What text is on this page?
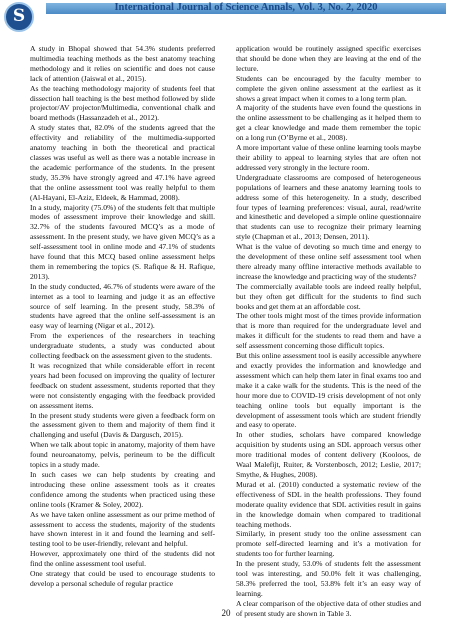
S	International Journal of Science Annals, Vol. 3, No. 2, 2020

A study in Bhopal showed that 54.3% students preferred multimedia teaching methods as the best anatomy teaching methodology and it relies on scientific and does not cause lack of attention (Jaiswal et al., 2015).

As the teaching methodology majority of students feel that dissection hall teaching is the best method followed by slide projector/AV projector/Multimedia, conventional chalk and board methods (Hassanzadeh et al., 2012).

A study states that, 82.0% of the students agreed that the effectivity and reliability of the multimedia-supported anatomy teaching in both the theoretical and practical classes was useful as well as there was a notable increase in the academic performance of the students. In the present study, 35.3% have strongly agreed and 47.1% have agreed that the online assessment tool was really helpful to them (Al-Hayani, El-Aziz, Eldeek, & Hammad, 2008).

In a study, majority (75.0%) of the students felt that multiple modes of assessment improve their knowledge and skill. 32.7% of the students favoured MCQ’s as a mode of assessment. In the present study, we have given MCQ’s as a self-assessment tool in online mode and 47.1% of students have found that this MCQ based online assessment helps them in remembering the topics (S. Rafique & H. Rafique, 2013).

In the study conducted, 46.7% of students were aware of the internet as a tool to learning and judge it as an effective source of self learning. In the present study, 58.3% of students have agreed that the online self-assessment is an easy way of learning (Nigar et al., 2012).

From the experiences of the researchers in teaching undergraduate students, a study was conducted about collecting feedback on the assessment given to the students.

It was recognized that while considerable effort in recent years had been focused on improving the quality of lecturer feedback on student assessment, students reported that they were not consistently engaging with the feedback provided on assessment items.

In the present study students were given a feedback form on the assessment given to them and majority of them find it challenging and useful (Davis & Dargusch, 2015).

When we talk about topic in anatomy, majority of them have found neuroanatomy, pelvis, perineum to be the difficult topics in a study made.

In such cases we can help students by creating and introducing these online assessment tools as it creates confidence among the students when practiced using these online tools (Kramer & Soley, 2002).

As we have taken online assessment as our prime method of assessment to access the students, majority of the students have shown interest in it and found the learning and self-testing tool to be user-friendly, relevant and helpful.

However, approximately one third of the students did not find the online assessment tool useful.

One strategy that could be used to encourage students to develop a personal schedule of regular practice

application would be routinely assigned specific exercises that should be done when they are leaving at the end of the lecture.

Students can be encouraged by the faculty member to complete the given online assessment at the earliest as it shows a great impact when it comes to a long term plan.

A majority of the students have even found the questions in the online assessment to be challenging as it helped them to get a clear knowledge and made them remember the topic on a long run (O’Byrne et al., 2008).

A more important value of these online learning tools maybe their ability to appeal to learning styles that are often not addressed very strongly in the lecture room.

Undergraduate classrooms are composed of heterogeneous populations of learners and these anatomy learning tools to address some of this heterogeneity. In a study, described four types of learning preferences: visual, aural, read/write and kinesthetic and developed a simple online questionnaire that students can use to recognize their primary learning style (Chapman et al., 2013; Densen, 2011).

What is the value of devoting so much time and energy to the development of these online self assessment tool when there already many offline interactive methods available to increase the knowledge and practicing way of the students?

The commercially available tools are indeed really helpful, but they often get difficult for the students to find such books and get them at an affordable cost.

The other tools might most of the times provide information that is more than required for the undergraduate level and makes it difficult for the students to read them and have a self assessment concerning those difficult topics.

But this online assessment tool is easily accessible anywhere and exactly provides the information and knowledge and assessment which can help them later in final exams too and make it a cake walk for the students. This is the need of the hour more due to COVID-19 crisis development of not only teaching online tools but equally important is the development of assessment tools which are student friendly and easy to operate.

In other studies, scholars have compared knowledge acquisition by students using an SDL approach versus other more traditional modes of content delivery (Kooloos, de Waal Malefijt, Ruiter, & Vorstenbosch, 2012; Leslie, 2017; Smythe, & Hughes, 2008).

Murad et al. (2010) conducted a systematic review of the effectiveness of SDL in the health professions. They found moderate quality evidence that SDL activities result in gains in the knowledge domain when compared to traditional teaching methods.

Similarly, in present study too the online assessment can promote self-directed learning and it’s a motivation for students too for further learning.

In the present study, 53.0% of students felt the assessment tool was interesting, and 50.0% felt it was challenging, 58.3% preferred the tool, 53.8% felt it’s an easy way of learning.

A clear comparison of the objective data of other studies and of present study are shown in Table 3.

20
